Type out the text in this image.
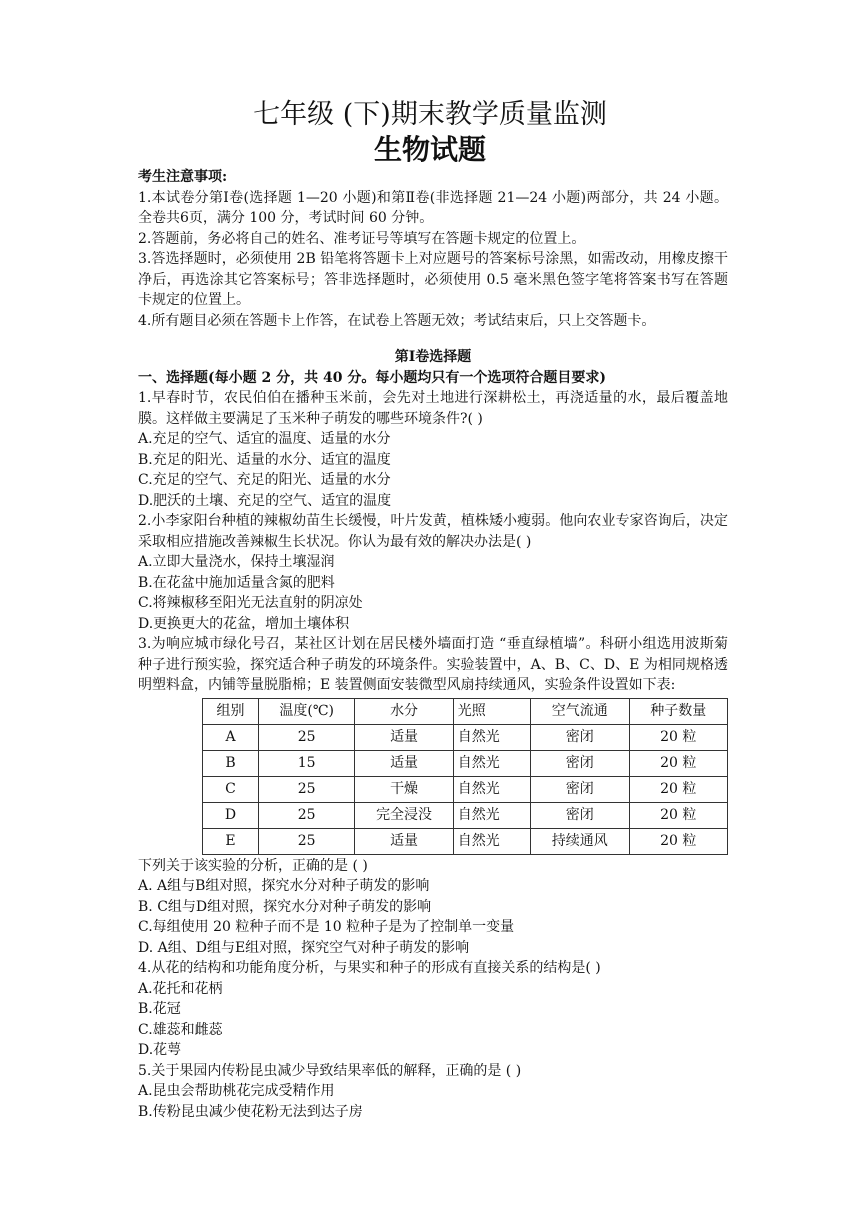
七年级 (下)期末教学质量监测
生物试题

考生注意事项:

1.本试卷分第Ⅰ卷(选择题 1—20 小题)和第Ⅱ卷(非选择题 21—24 小题)两部分，共 24 小题。全卷共6页，满分 100 分，考试时间 60 分钟。

2.答题前，务必将自己的姓名、准考证号等填写在答题卡规定的位置上。

3.答选择题时，必须使用 2B 铅笔将答题卡上对应题号的答案标号涂黑，如需改动，用橡皮擦干净后，再选涂其它答案标号；答非选择题时，必须使用 0.5 毫米黑色签字笔将答案书写在答题卡规定的位置上。

4.所有题目必须在答题卡上作答，在试卷上答题无效；考试结束后，只上交答题卡。

第Ⅰ卷选择题

一、选择题(每小题 2 分，共 40 分。每小题均只有一个选项符合题目要求)

1.早春时节，农民伯伯在播种玉米前，会先对土地进行深耕松土，再浇适量的水，最后覆盖地膜。这样做主要满足了玉米种子萌发的哪些环境条件?( )

A.充足的空气、适宜的温度、适量的水分

B.充足的阳光、适量的水分、适宜的温度

C.充足的空气、充足的阳光、适量的水分

D.肥沃的土壤、充足的空气、适宜的温度

2.小李家阳台种植的辣椒幼苗生长缓慢，叶片发黄，植株矮小瘦弱。他向农业专家咨询后，决定采取相应措施改善辣椒生长状况。你认为最有效的解决办法是( )

A.立即大量浇水，保持土壤湿润

B.在花盆中施加适量含氮的肥料

C.将辣椒移至阳光无法直射的阴凉处

D.更换更大的花盆，增加土壤体积

3.为响应城市绿化号召，某社区计划在居民楼外墙面打造 “垂直绿植墙”。科研小组选用波斯菊种子进行预实验，探究适合种子萌发的环境条件。实验装置中，A、B、C、D、E 为相同规格透明塑料盒，内铺等量脱脂棉；E 装置侧面安装微型风扇持续通风，实验条件设置如下表:

组别	温度(℃)	水分	光照	空气流通	种子数量
A	25	适量	自然光	密闭	20 粒
B	15	适量	自然光	密闭	20 粒
C	25	干燥	自然光	密闭	20 粒
D	25	完全浸没	自然光	密闭	20 粒
E	25	适量	自然光	持续通风	20 粒

下列关于该实验的分析，正确的是 ( )

A. A组与B组对照，探究水分对种子萌发的影响

B. C组与D组对照，探究水分对种子萌发的影响

C.每组使用 20 粒种子而不是 10 粒种子是为了控制单一变量

D. A组、D组与E组对照，探究空气对种子萌发的影响

4.从花的结构和功能角度分析，与果实和种子的形成有直接关系的结构是( )

A.花托和花柄

B.花冠

C.雄蕊和雌蕊

D.花萼

5.关于果园内传粉昆虫减少导致结果率低的解释，正确的是 ( )

A.昆虫会帮助桃花完成受精作用

B.传粉昆虫减少使花粉无法到达子房
